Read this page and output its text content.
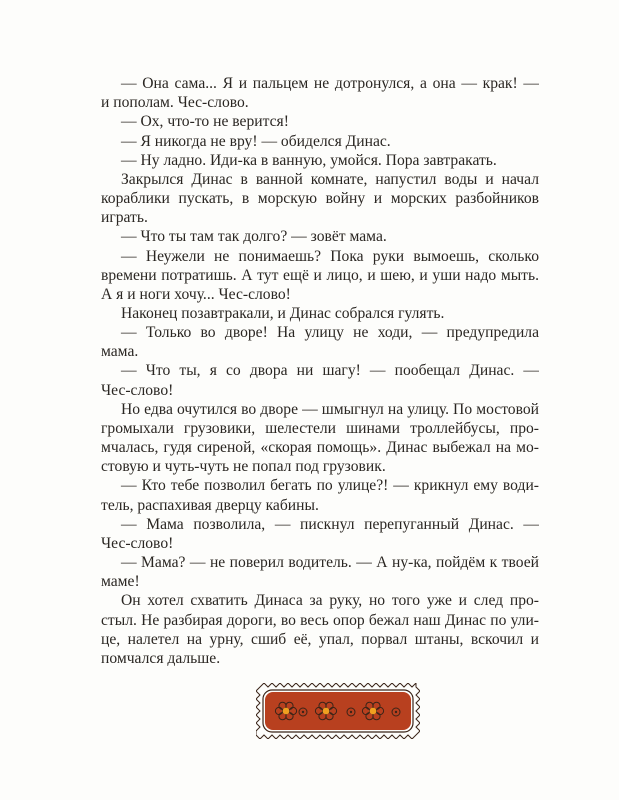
— Она сама... Я и пальцем не дотронулся, а она — крак! —
и пополам. Чес-слово.
— Ох, что-то не верится!
— Я никогда не вру! — обиделся Динас.
— Ну ладно. Иди-ка в ванную, умойся. Пора завтракать.
Закрылся Динас в ванной комнате, напустил воды и начал
кораблики пускать, в морскую войну и морских разбойников
играть.
— Что ты там так долго? — зовёт мама.
— Неужели не понимаешь? Пока руки вымоешь, сколько
времени потратишь. А тут ещё и лицо, и шею, и уши надо мыть.
А я и ноги хочу... Чес-слово!
Наконец позавтракали, и Динас собрался гулять.
— Только во дворе! На улицу не ходи, — предупредила
мама.
— Что ты, я со двора ни шагу! — пообещал Динас. —
Чес-слово!
Но едва очутился во дворе — шмыгнул на улицу. По мостовой
громыхали грузовики, шелестели шинами троллейбусы, про-
мчалась, гудя сиреной, «скорая помощь». Динас выбежал на мо-
стовую и чуть-чуть не попал под грузовик.
— Кто тебе позволил бегать по улице?! — крикнул ему води-
тель, распахивая дверцу кабины.
— Мама позволила, — пискнул перепуганный Динас. —
Чес-слово!
— Мама? — не поверил водитель. — А ну-ка, пойдём к твоей
маме!
Он хотел схватить Динаса за руку, но того уже и след про-
стыл. Не разбирая дороги, во весь опор бежал наш Динас по ули-
це, налетел на урну, сшиб её, упал, порвал штаны, вскочил и
помчался дальше.
